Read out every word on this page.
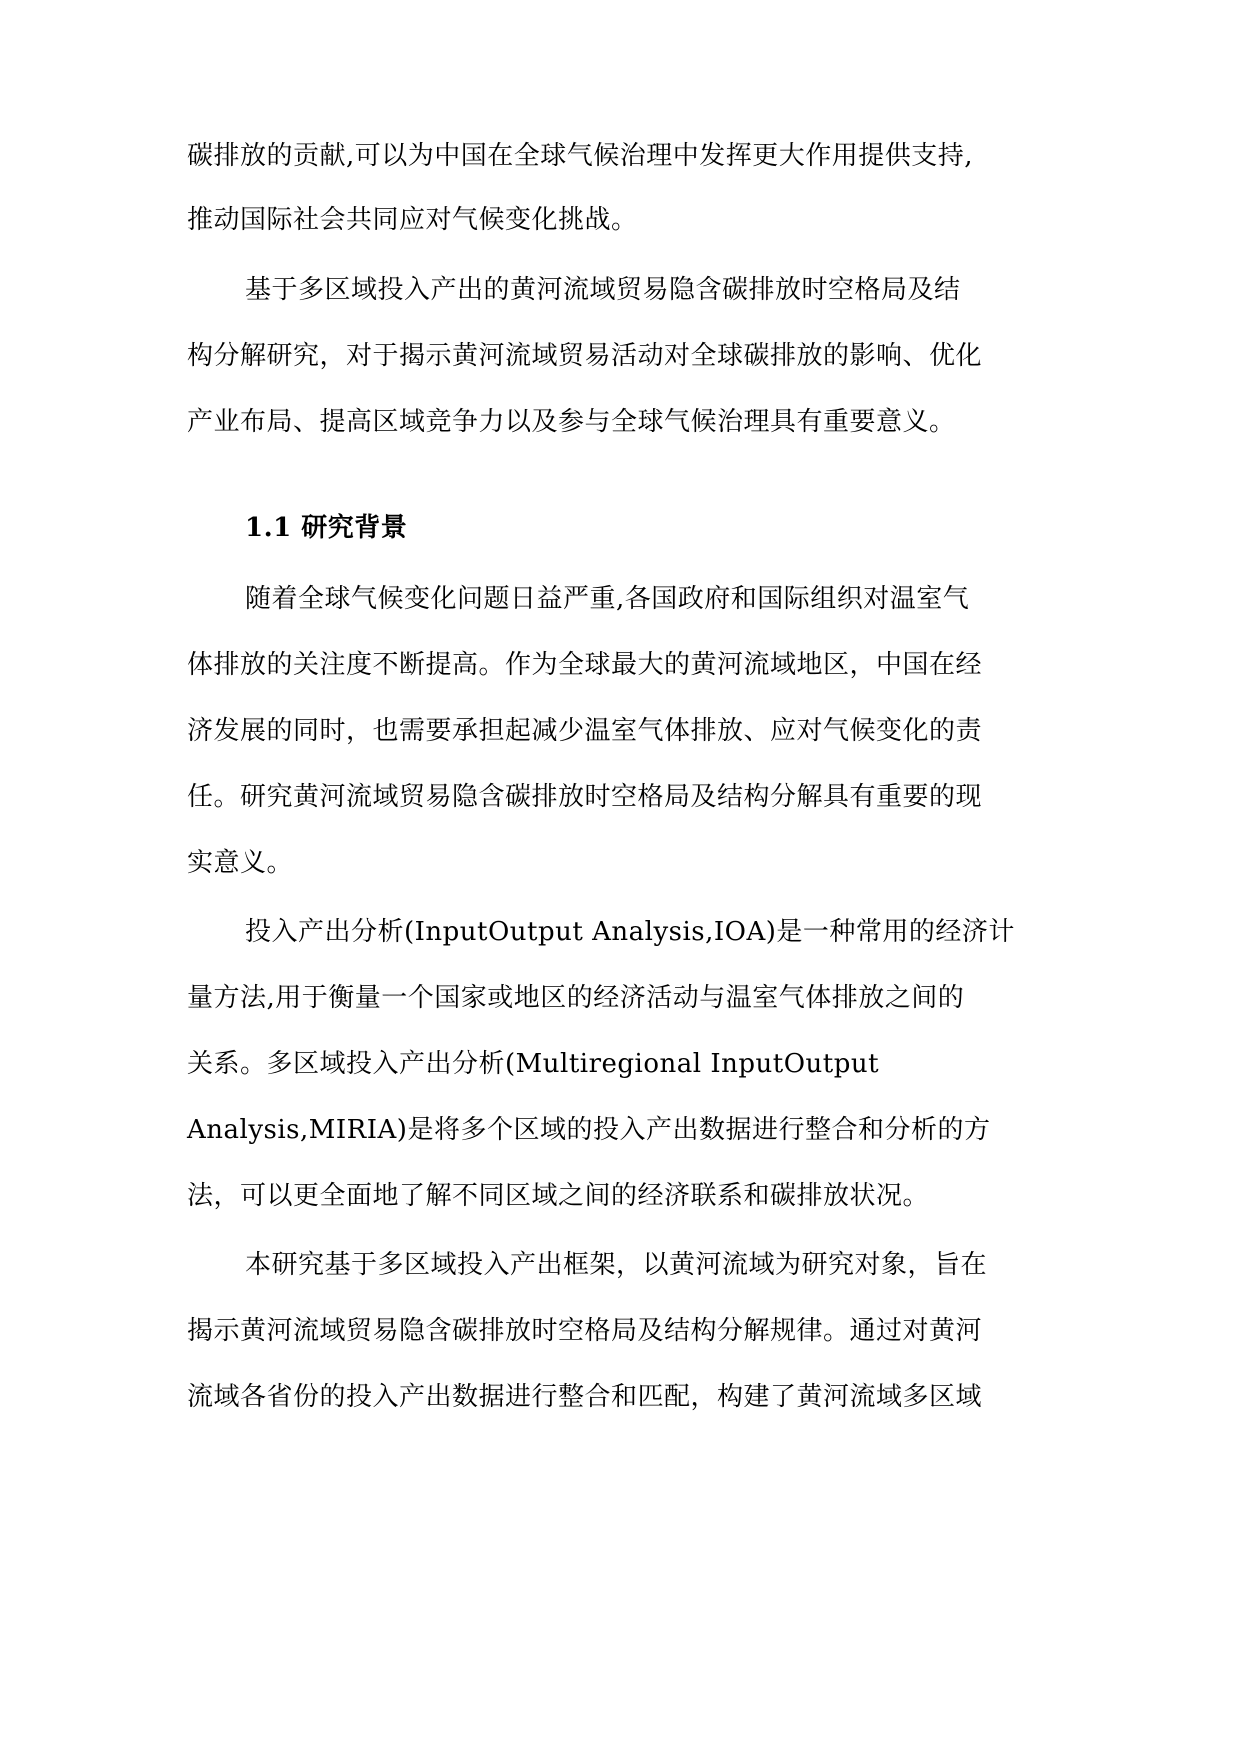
碳排放的贡献,可以为中国在全球气候治理中发挥更大作用提供支持,
推动国际社会共同应对气候变化挑战。
基于多区域投入产出的黄河流域贸易隐含碳排放时空格局及结
构分解研究，对于揭示黄河流域贸易活动对全球碳排放的影响、优化
产业布局、提高区域竞争力以及参与全球气候治理具有重要意义。
1.1 研究背景
随着全球气候变化问题日益严重,各国政府和国际组织对温室气
体排放的关注度不断提高。作为全球最大的黄河流域地区，中国在经
济发展的同时，也需要承担起减少温室气体排放、应对气候变化的责
任。研究黄河流域贸易隐含碳排放时空格局及结构分解具有重要的现
实意义。
投入产出分析(InputOutput Analysis,IOA)是一种常用的经济计
量方法,用于衡量一个国家或地区的经济活动与温室气体排放之间的
关系。多区域投入产出分析(Multiregional InputOutput
Analysis,MIRIA)是将多个区域的投入产出数据进行整合和分析的方
法，可以更全面地了解不同区域之间的经济联系和碳排放状况。
本研究基于多区域投入产出框架，以黄河流域为研究对象，旨在
揭示黄河流域贸易隐含碳排放时空格局及结构分解规律。通过对黄河
流域各省份的投入产出数据进行整合和匹配，构建了黄河流域多区域
